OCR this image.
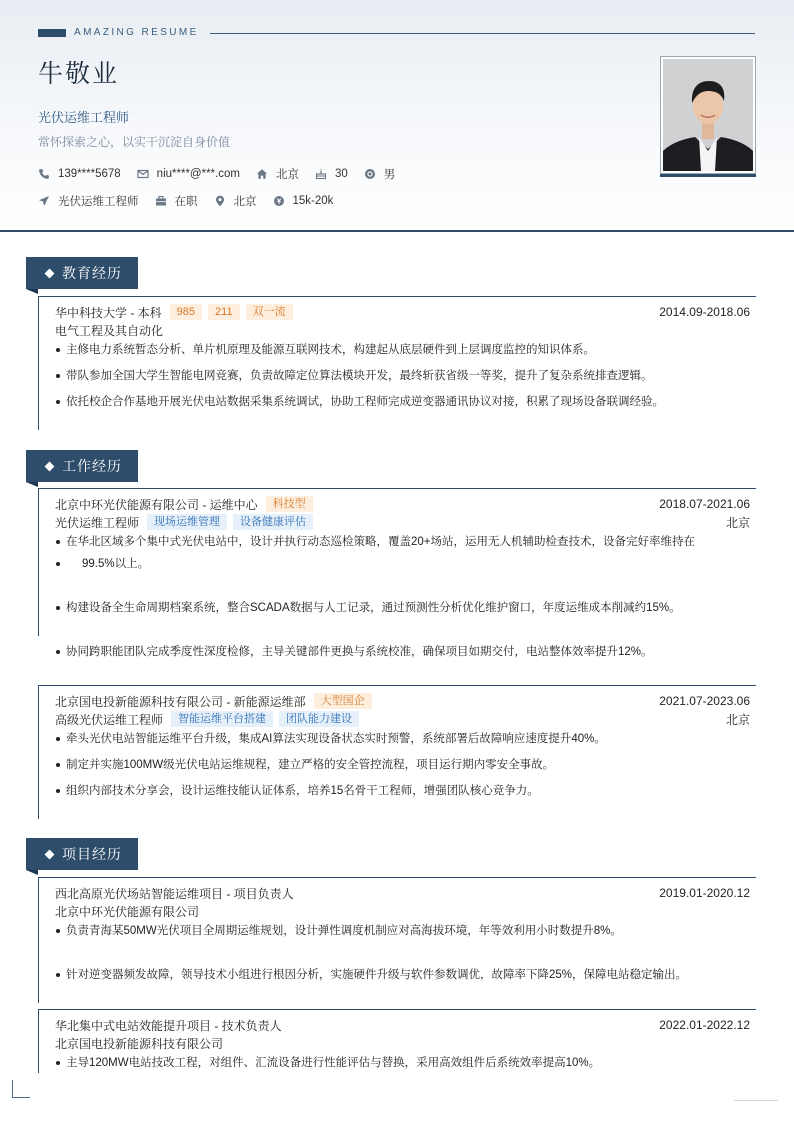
AMAZING RESUME
牛敬业
光伏运维工程师
常怀探索之心，以实干沉淀自身价值
139****5678	niu****@***.com	北京	30	男
光伏运维工程师	在职	北京	15k-20k
教育经历
华中科技大学 - 本科	985	211	双一流	2014.09-2018.06
电气工程及其自动化
主修电力系统暂态分析、单片机原理及能源互联网技术，构建起从底层硬件到上层调度监控的知识体系。
带队参加全国大学生智能电网竞赛，负责故障定位算法模块开发，最终斩获省级一等奖，提升了复杂系统排查逻辑。
依托校企合作基地开展光伏电站数据采集系统调试，协助工程师完成逆变器通讯协议对接，积累了现场设备联调经验。
工作经历
北京中环光伏能源有限公司 - 运维中心	科技型	2018.07-2021.06
光伏运维工程师	现场运维管理	设备健康评估	北京
在华北区域多个集中式光伏电站中，设计并执行动态巡检策略，覆盖20+场站，运用无人机辅助检查技术，设备完好率维持在
99.5%以上。
构建设备全生命周期档案系统，整合SCADA数据与人工记录，通过预测性分析优化维护窗口，年度运维成本削减约15%。
协同跨职能团队完成季度性深度检修，主导关键部件更换与系统校准，确保项目如期交付，电站整体效率提升12%。
北京国电投新能源科技有限公司 - 新能源运维部	大型国企	2021.07-2023.06
高级光伏运维工程师	智能运维平台搭建	团队能力建设	北京
牵头光伏电站智能运维平台升级，集成AI算法实现设备状态实时预警，系统部署后故障响应速度提升40%。
制定并实施100MW级光伏电站运维规程，建立严格的安全管控流程，项目运行期内零安全事故。
组织内部技术分享会，设计运维技能认证体系，培养15名骨干工程师，增强团队核心竞争力。
项目经历
西北高原光伏场站智能运维项目 - 项目负责人	2019.01-2020.12
北京中环光伏能源有限公司
负责青海某50MW光伏项目全周期运维规划，设计弹性调度机制应对高海拔环境，年等效利用小时数提升8%。
针对逆变器频发故障，领导技术小组进行根因分析，实施硬件升级与软件参数调优，故障率下降25%，保障电站稳定输出。
华北集中式电站效能提升项目 - 技术负责人	2022.01-2022.12
北京国电投新能源科技有限公司
主导120MW电站技改工程，对组件、汇流设备进行性能评估与替换，采用高效组件后系统效率提高10%。
